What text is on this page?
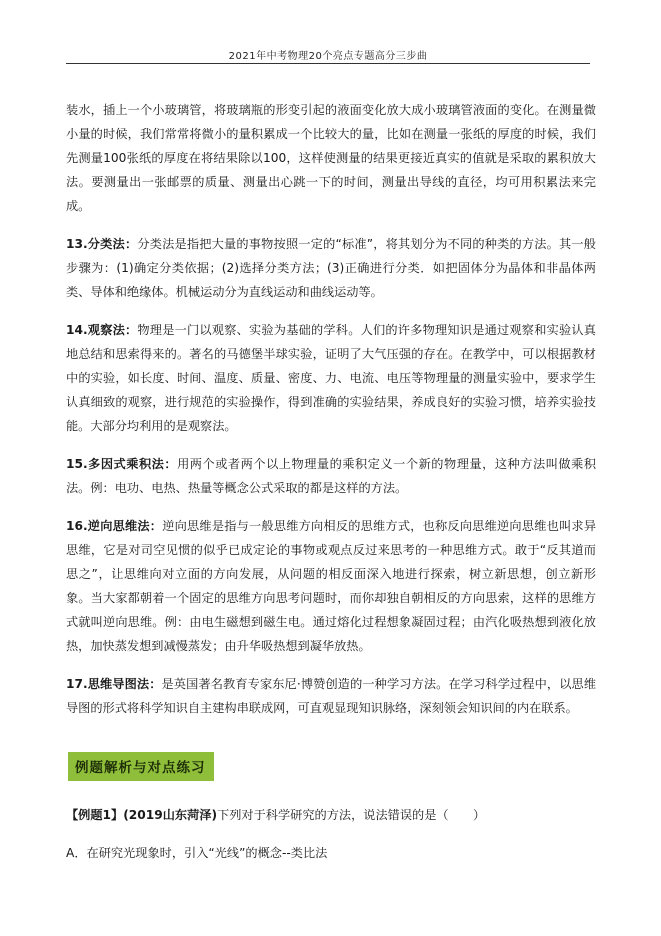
2021年中考物理20个亮点专题高分三步曲

装水，插上一个小玻璃管，将玻璃瓶的形变引起的液面变化放大成小玻璃管液面的变化。在测量微小量的时候，我们常常将微小的量积累成一个比较大的量，比如在测量一张纸的厚度的时候，我们先测量100张纸的厚度在将结果除以100，这样使测量的结果更接近真实的值就是采取的累积放大法。要测量出一张邮票的质量、测量出心跳一下的时间，测量出导线的直径，均可用积累法来完成。

13.分类法：分类法是指把大量的事物按照一定的“标准”，将其划分为不同的种类的方法。其一般步骤为：(1)确定分类依据；(2)选择分类方法；(3)正确进行分类．如把固体分为晶体和非晶体两类、导体和绝缘体。机械运动分为直线运动和曲线运动等。

14.观察法：物理是一门以观察、实验为基础的学科。人们的许多物理知识是通过观察和实验认真地总结和思索得来的。著名的马德堡半球实验，证明了大气压强的存在。在教学中，可以根据教材中的实验，如长度、时间、温度、质量、密度、力、电流、电压等物理量的测量实验中，要求学生认真细致的观察，进行规范的实验操作，得到准确的实验结果，养成良好的实验习惯，培养实验技能。大部分均利用的是观察法。

15.多因式乘积法：用两个或者两个以上物理量的乘积定义一个新的物理量，这种方法叫做乘积法。例：电功、电热、热量等概念公式采取的都是这样的方法。

16.逆向思维法：逆向思维是指与一般思维方向相反的思维方式，也称反向思维逆向思维也叫求异思维，它是对司空见惯的似乎已成定论的事物或观点反过来思考的一种思维方式。敢于“反其道而思之”，让思维向对立面的方向发展，从问题的相反面深入地进行探索，树立新思想，创立新形象。当大家都朝着一个固定的思维方向思考问题时，而你却独自朝相反的方向思索，这样的思维方式就叫逆向思维。例：由电生磁想到磁生电。通过熔化过程想象凝固过程；由汽化吸热想到液化放热，加快蒸发想到减慢蒸发；由升华吸热想到凝华放热。

17.思维导图法：是英国著名教育专家东尼·博赞创造的一种学习方法。在学习科学过程中，以思维导图的形式将科学知识自主建构串联成网，可直观显现知识脉络，深刻领会知识间的内在联系。

例题解析与对点练习

【例题1】(2019山东菏泽)下列对于科学研究的方法，说法错误的是（　　）

A．在研究光现象时，引入“光线”的概念--类比法
